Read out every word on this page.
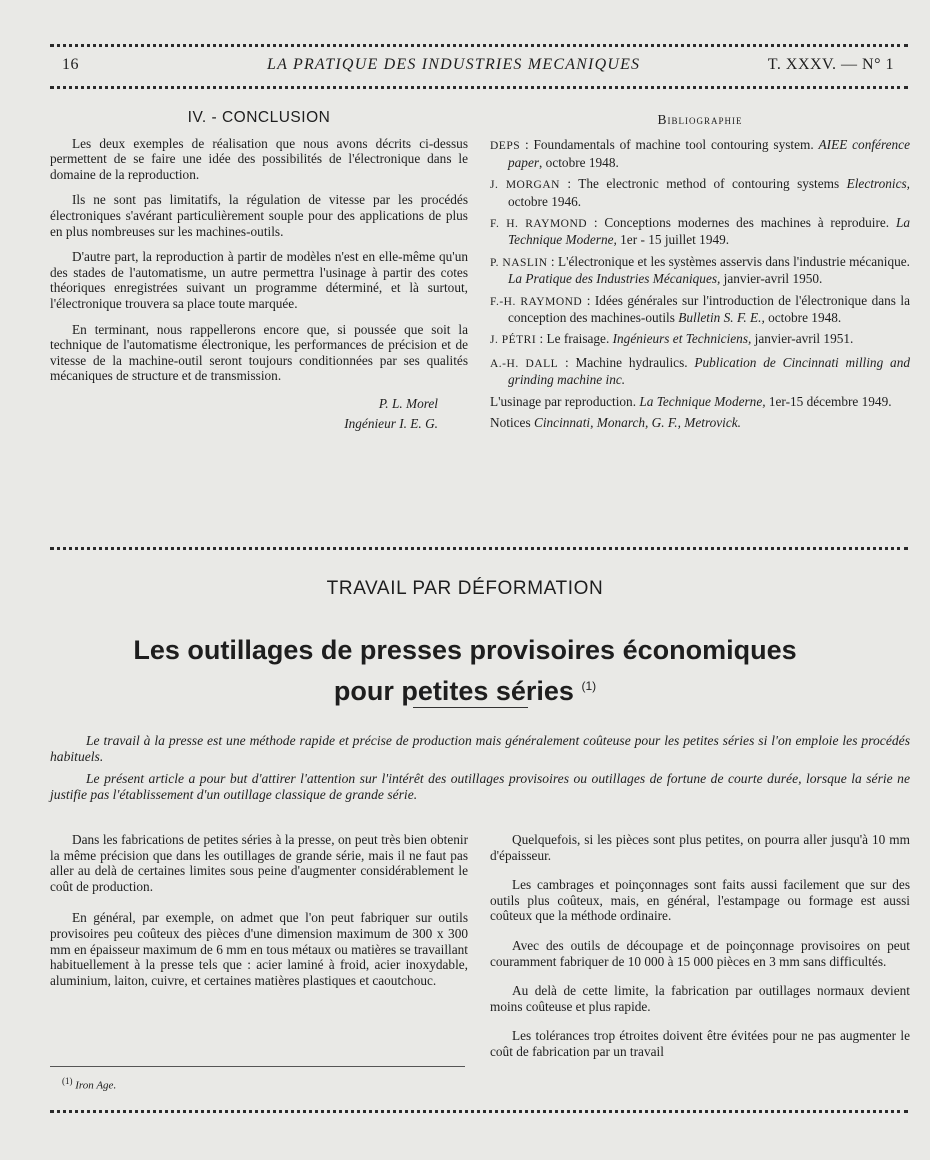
16	LA PRATIQUE DES INDUSTRIES MECANIQUES	T. XXXV. — N° 1
IV. - CONCLUSION

Les deux exemples de réalisation que nous avons décrits ci-dessus permettent de se faire une idée des possibilités de l'électronique dans le domaine de la reproduction.

Ils ne sont pas limitatifs, la régulation de vitesse par les procédés électroniques s'avérant particulièrement souple pour des applications de plus en plus nombreuses sur les machines-outils.

D'autre part, la reproduction à partir de modèles n'est en elle-même qu'un des stades de l'automatisme, un autre permettra l'usinage à partir des cotes théoriques enregistrées suivant un programme déterminé, et là surtout, l'électronique trouvera sa place toute marquée.

En terminant, nous rappellerons encore que, si poussée que soit la technique de l'automatisme électronique, les performances de précision et de vitesse de la machine-outil seront toujours conditionnées par ses qualités mécaniques de structure et de transmission.

P. L. Morel
Ingénieur I. E. G.
Bibliographie
DEPS : Foundamentals of machine tool contouring system. AIEE conférence paper, octobre 1948.
J. MORGAN : The electronic method of contouring systems Electronics, octobre 1946.
F. H. RAYMOND : Conceptions modernes des machines à reproduire. La Technique Moderne, 1er - 15 juillet 1949.
P. NASLIN : L'électronique et les systèmes asservis dans l'industrie mécanique. La Pratique des Industries Mécaniques, janvier-avril 1950.
F.-H. RAYMOND : Idées générales sur l'introduction de l'électronique dans la conception des machines-outils Bulletin S. F. E., octobre 1948.
J. PÉTRI : Le fraisage. Ingénieurs et Techniciens, janvier-avril 1951.
A.-H. DALL : Machine hydraulics. Publication de Cincinnati milling and grinding machine inc.
L'usinage par reproduction. La Technique Moderne, 1er-15 décembre 1949.
Notices Cincinnati, Monarch, G. F., Metrovick.
TRAVAIL PAR DÉFORMATION
Les outillages de presses provisoires économiques
pour petites séries $^{(1)}$

Le travail à la presse est une méthode rapide et précise de production mais généralement coûteuse pour les petites séries si l'on emploie les procédés habituels.

Le présent article a pour but d'attirer l'attention sur l'intérêt des outillages provisoires ou outillages de fortune de courte durée, lorsque la série ne justifie pas l'établissement d'un outillage classique de grande série.

Dans les fabrications de petites séries à la presse, on peut très bien obtenir la même précision que dans les outillages de grande série, mais il ne faut pas aller au delà de certaines limites sous peine d'augmenter considérablement le coût de production.

En général, par exemple, on admet que l'on peut fabriquer sur outils provisoires peu coûteux des pièces d'une dimension maximum de 300 x 300 mm en épaisseur maximum de 6 mm en tous métaux ou matières se travaillant habituellement à la presse tels que : acier laminé à froid, acier inoxydable, aluminium, laiton, cuivre, et certaines matières plastiques et caoutchouc.

Quelquefois, si les pièces sont plus petites, on pourra aller jusqu'à 10 mm d'épaisseur.

Les cambrages et poinçonnages sont faits aussi facilement que sur des outils plus coûteux, mais, en général, l'estampage ou formage est aussi coûteux que la méthode ordinaire.

Avec des outils de découpage et de poinçonnage provisoires on peut couramment fabriquer de 10 000 à 15 000 pièces en 3 mm sans difficultés.

Au delà de cette limite, la fabrication par outillages normaux devient moins coûteuse et plus rapide.

Les tolérances trop étroites doivent être évitées pour ne pas augmenter le coût de fabrication par un travail

$^{(1)}$ Iron Age.
